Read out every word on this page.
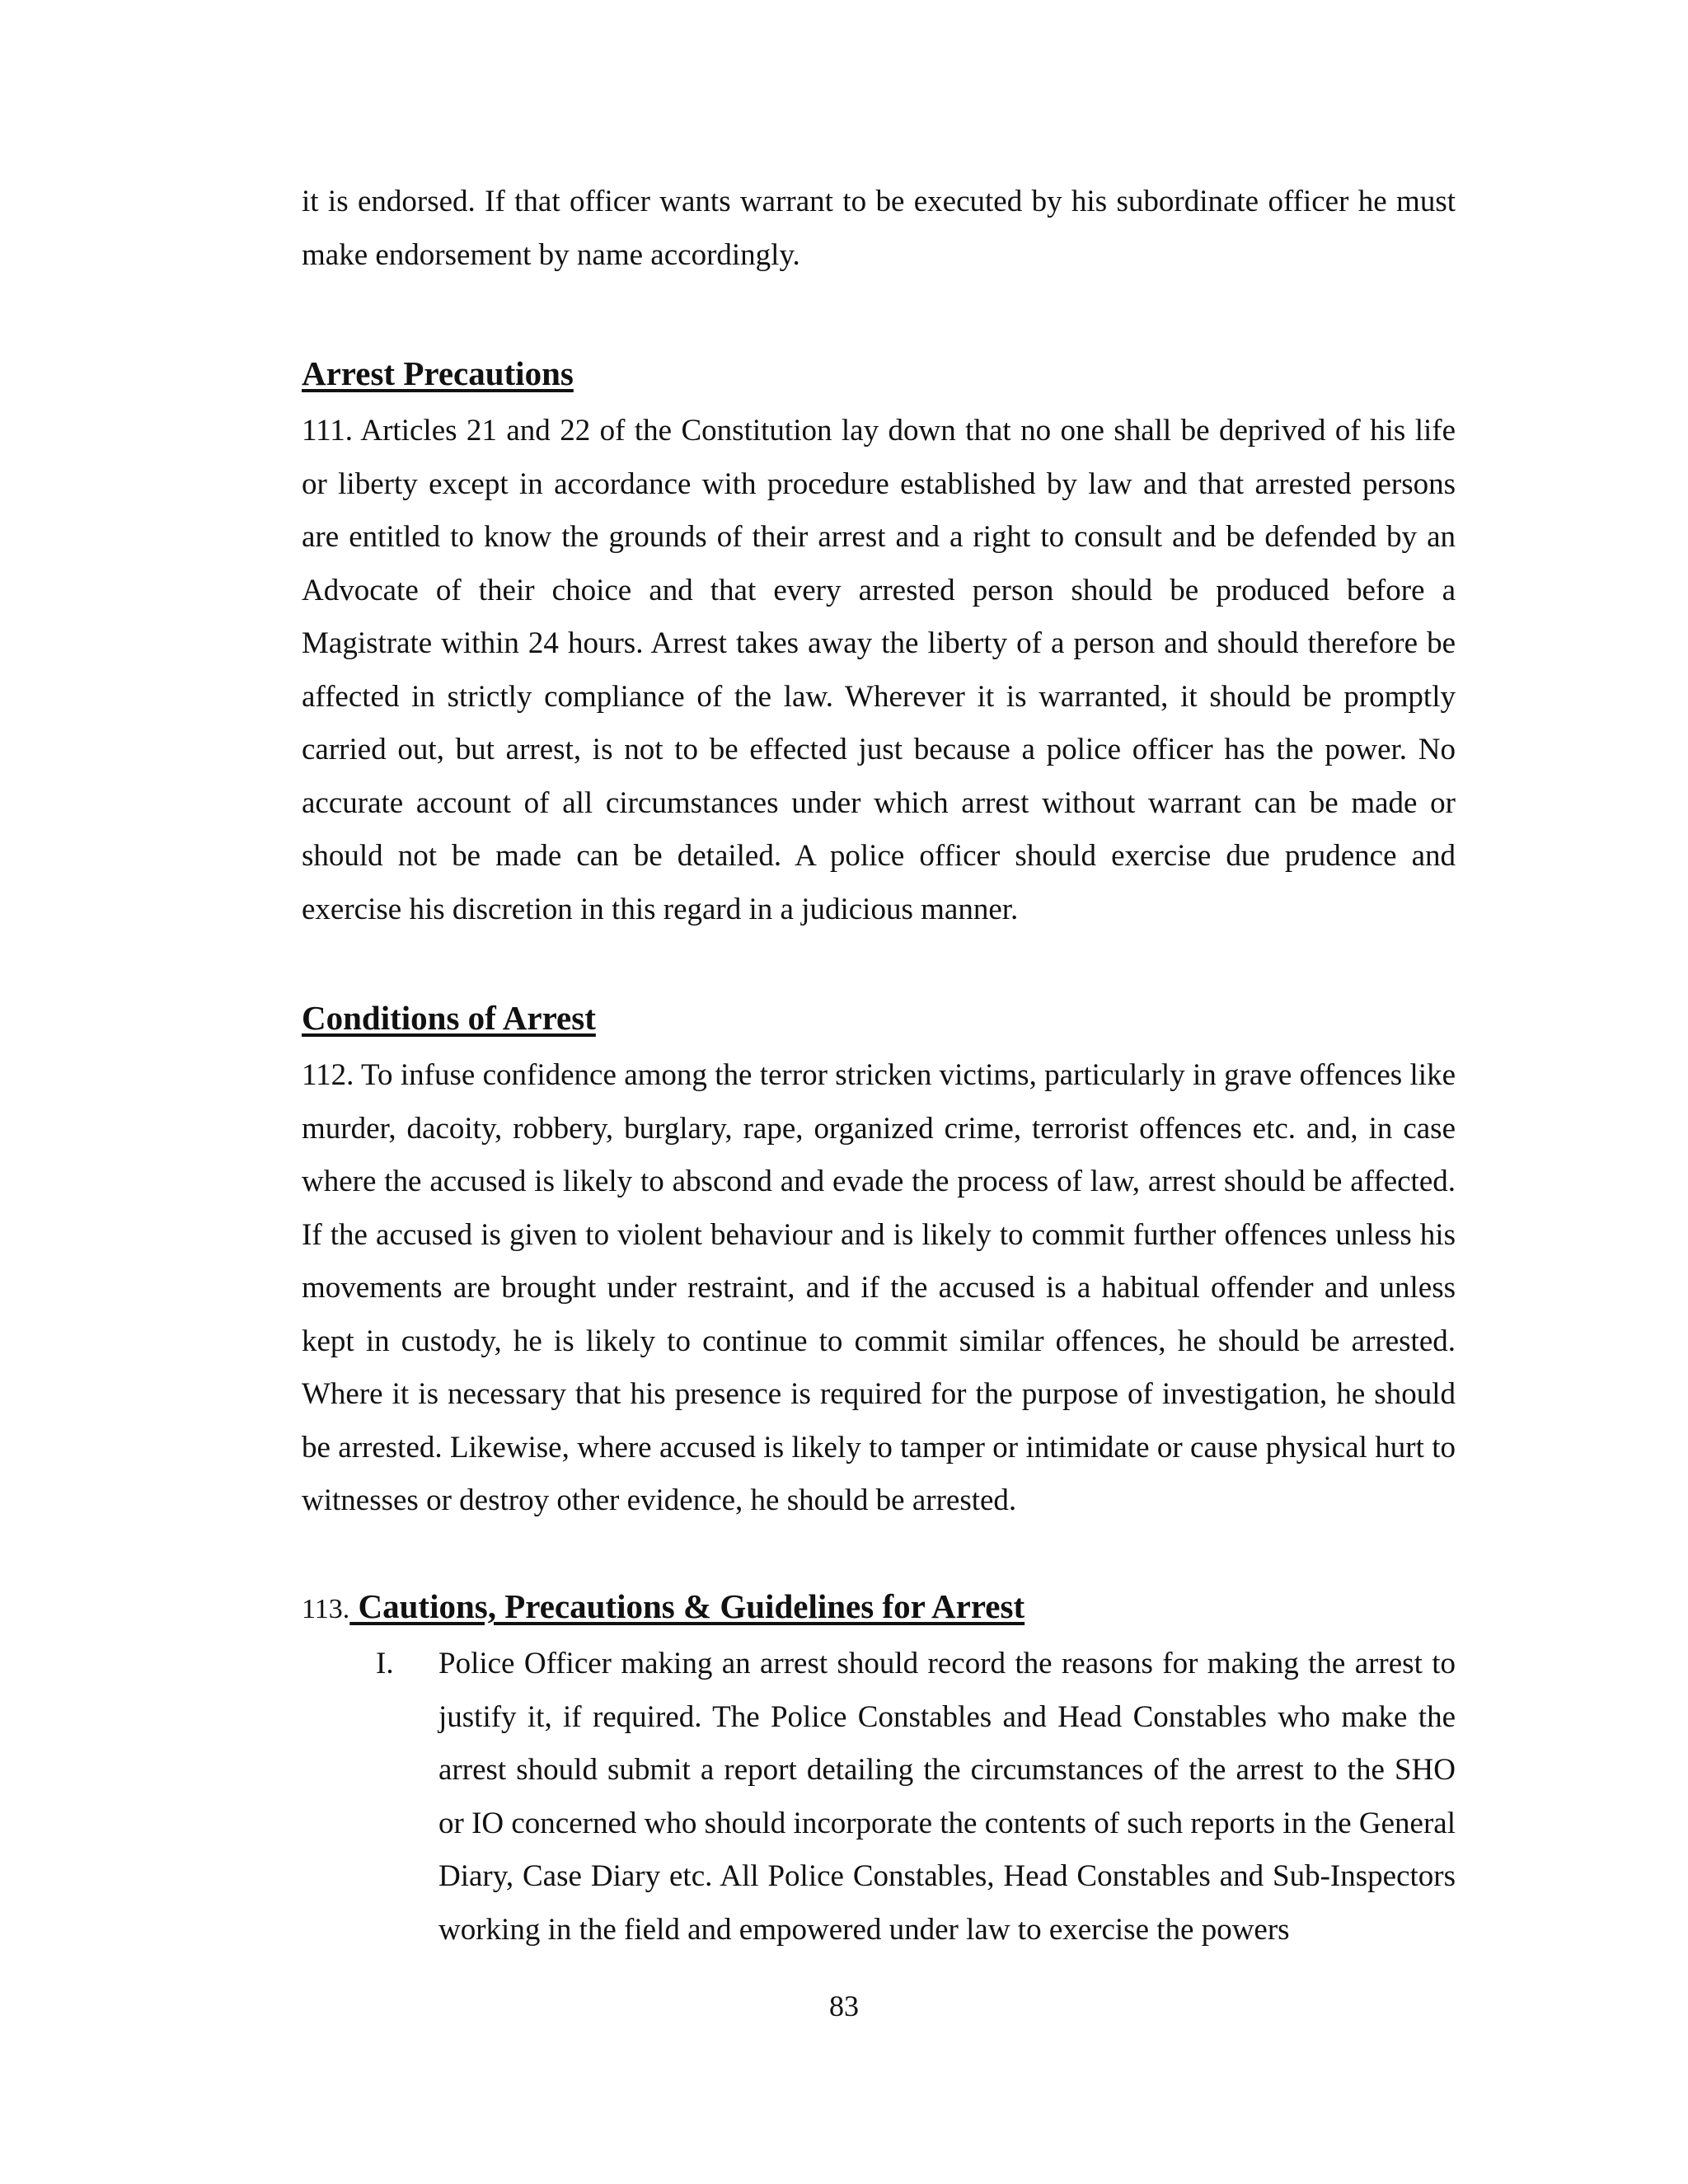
it is endorsed. If that officer wants warrant to be executed by his subordinate officer he must make endorsement by name accordingly.

Arrest Precautions

111. Articles 21 and 22 of the Constitution lay down that no one shall be deprived of his life or liberty except in accordance with procedure established by law and that arrested persons are entitled to know the grounds of their arrest and a right to consult and be defended by an Advocate of their choice and that every arrested person should be produced before a Magistrate within 24 hours. Arrest takes away the liberty of a person and should therefore be affected in strictly compliance of the law. Wherever it is warranted, it should be promptly carried out, but arrest, is not to be effected just because a police officer has the power. No accurate account of all circumstances under which arrest without warrant can be made or should not be made can be detailed. A police officer should exercise due prudence and exercise his discretion in this regard in a judicious manner.

Conditions of Arrest

112. To infuse confidence among the terror stricken victims, particularly in grave offences like murder, dacoity, robbery, burglary, rape, organized crime, terrorist offences etc. and, in case where the accused is likely to abscond and evade the process of law, arrest should be affected. If the accused is given to violent behaviour and is likely to commit further offences unless his movements are brought under restraint, and if the accused is a habitual offender and unless kept in custody, he is likely to continue to commit similar offences, he should be arrested. Where it is necessary that his presence is required for the purpose of investigation, he should be arrested. Likewise, where accused is likely to tamper or intimidate or cause physical hurt to witnesses or destroy other evidence, he should be arrested.

113. Cautions, Precautions & Guidelines for Arrest
I. Police Officer making an arrest should record the reasons for making the arrest to justify it, if required. The Police Constables and Head Constables who make the arrest should submit a report detailing the circumstances of the arrest to the SHO or IO concerned who should incorporate the contents of such reports in the General Diary, Case Diary etc. All Police Constables, Head Constables and Sub-Inspectors working in the field and empowered under law to exercise the powers

83
